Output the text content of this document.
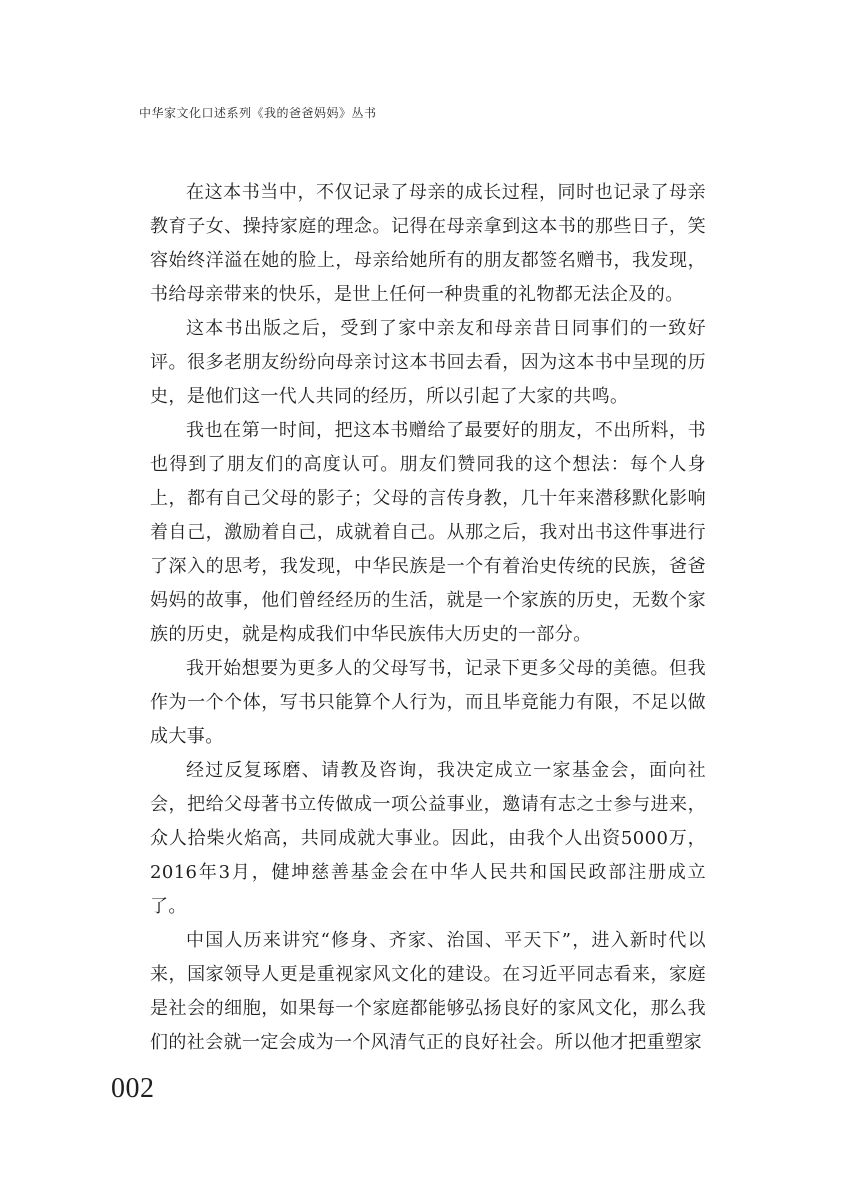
中华家文化口述系列《我的爸爸妈妈》丛书

在这本书当中，不仅记录了母亲的成长过程，同时也记录了母亲教育子女、操持家庭的理念。记得在母亲拿到这本书的那些日子，笑容始终洋溢在她的脸上，母亲给她所有的朋友都签名赠书，我发现，书给母亲带来的快乐，是世上任何一种贵重的礼物都无法企及的。

这本书出版之后，受到了家中亲友和母亲昔日同事们的一致好评。很多老朋友纷纷向母亲讨这本书回去看，因为这本书中呈现的历史，是他们这一代人共同的经历，所以引起了大家的共鸣。

我也在第一时间，把这本书赠给了最要好的朋友，不出所料，书也得到了朋友们的高度认可。朋友们赞同我的这个想法：每个人身上，都有自己父母的影子；父母的言传身教，几十年来潜移默化影响着自己，激励着自己，成就着自己。从那之后，我对出书这件事进行了深入的思考，我发现，中华民族是一个有着治史传统的民族，爸爸妈妈的故事，他们曾经经历的生活，就是一个家族的历史，无数个家族的历史，就是构成我们中华民族伟大历史的一部分。

我开始想要为更多人的父母写书，记录下更多父母的美德。但我作为一个个体，写书只能算个人行为，而且毕竟能力有限，不足以做成大事。

经过反复琢磨、请教及咨询，我决定成立一家基金会，面向社会，把给父母著书立传做成一项公益事业，邀请有志之士参与进来，众人拾柴火焰高，共同成就大事业。因此，由我个人出资5000万，2016年3月，健坤慈善基金会在中华人民共和国民政部注册成立了。

中国人历来讲究“修身、齐家、治国、平天下”，进入新时代以来，国家领导人更是重视家风文化的建设。在习近平同志看来，家庭是社会的细胞，如果每一个家庭都能够弘扬良好的家风文化，那么我们的社会就一定会成为一个风清气正的良好社会。所以他才把重塑家

002
